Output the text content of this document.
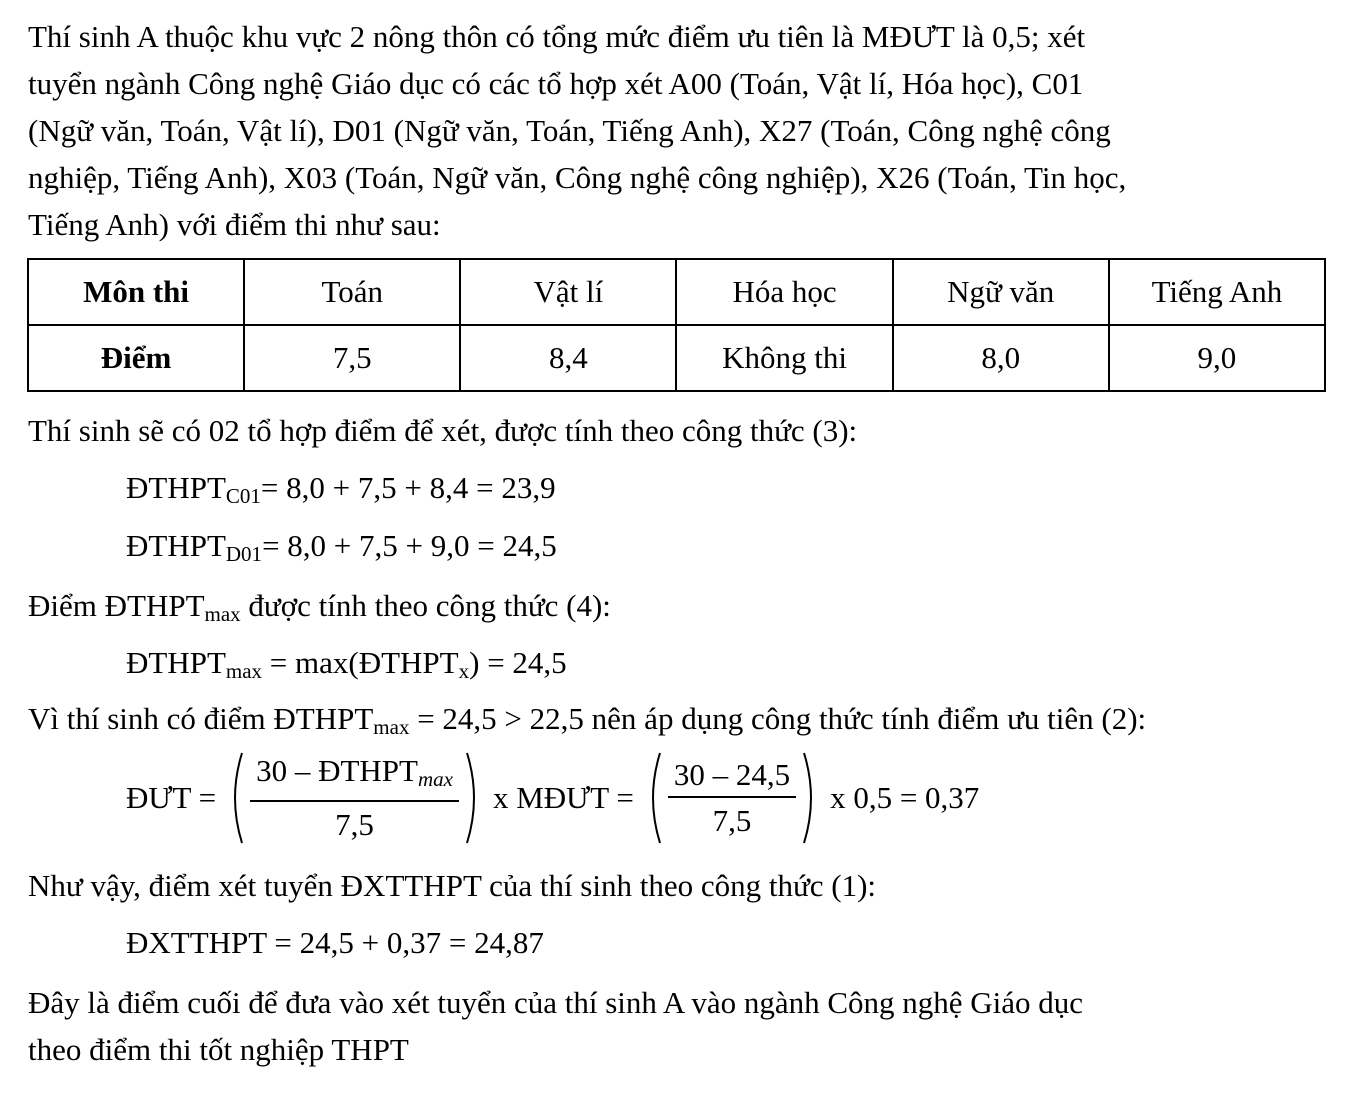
Thí sinh A thuộc khu vực 2 nông thôn có tổng mức điểm ưu tiên là MĐƯT là 0,5; xét
tuyển ngành Công nghệ Giáo dục có các tổ hợp xét A00 (Toán, Vật lí, Hóa học), C01
(Ngữ văn, Toán, Vật lí), D01 (Ngữ văn, Toán, Tiếng Anh), X27 (Toán, Công nghệ công
nghiệp, Tiếng Anh), X03 (Toán, Ngữ văn, Công nghệ công nghiệp), X26 (Toán, Tin học,
Tiếng Anh) với điểm thi như sau:
Môn thi	Toán	Vật lí	Hóa học	Ngữ văn	Tiếng Anh
Điểm	7,5	8,4	Không thi	8,0	9,0
Thí sinh sẽ có 02 tổ hợp điểm để xét, được tính theo công thức (3):
$ĐTHPT_{C01}= 8,0 + 7,5 + 8,4 = 23,9$
$ĐTHPT_{D01}= 8,0 + 7,5 + 9,0 = 24,5$
Điểm $ĐTHPT_{max}$ được tính theo công thức (4):
$ĐTHPT_{max}$ = $\max(ĐTHPT_x) = 24,5$
Vì thí sinh có điểm $ĐTHPT_{max} = 24,5 > 22,5$ nên áp dụng công thức tính điểm ưu tiên (2):
ĐƯT = $\frac{30 - ĐTHPT_{max}}{7,5}$ x MĐƯT = $\frac{30 - 24,5}{7,5}$ x 0,5 = 0,37
Như vậy, điểm xét tuyển ĐXTTHPT của thí sinh theo công thức (1):
ĐXTTHPT = 24,5 + 0,37 = 24,87
Đây là điểm cuối để đưa vào xét tuyển của thí sinh A vào ngành Công nghệ Giáo dục
theo điểm thi tốt nghiệp THPT
